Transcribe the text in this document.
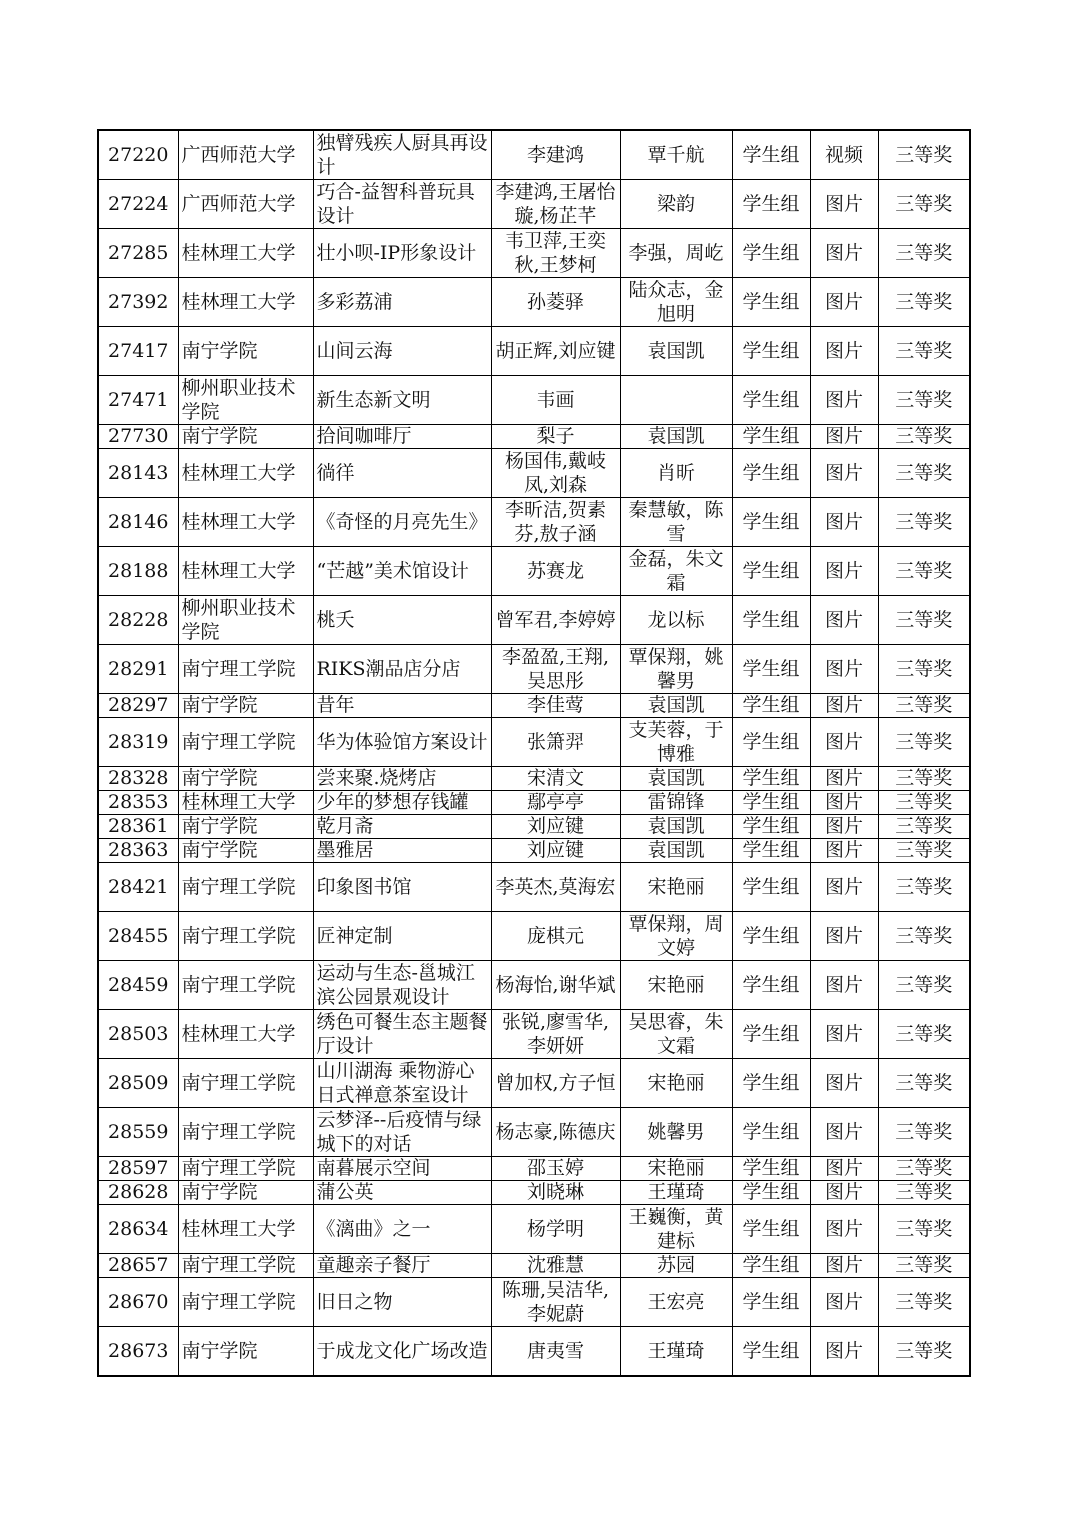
27220	广西师范大学	独臂残疾人厨具再设计	李建鸿	覃千航	学生组	视频	三等奖
27224	广西师范大学	巧合-益智科普玩具设计	李建鸿,王屠怡璇,杨芷芊	梁韵	学生组	图片	三等奖
27285	桂林理工大学	壮小呗-IP形象设计	韦卫萍,王奕秋,王梦柯	李强，周屹	学生组	图片	三等奖
27392	桂林理工大学	多彩荔浦	孙菱驿	陆众志，金旭明	学生组	图片	三等奖
27417	南宁学院	山间云海	胡正辉,刘应键	袁国凯	学生组	图片	三等奖
27471	柳州职业技术学院	新生态新文明	韦画		学生组	图片	三等奖
27730	南宁学院	拾间咖啡厅	梨子	袁国凯	学生组	图片	三等奖
28143	桂林理工大学	徜徉	杨国伟,戴岐凤,刘森	肖昕	学生组	图片	三等奖
28146	桂林理工大学	《奇怪的月亮先生》	李昕洁,贺素芬,敖子涵	秦慧敏，陈雪	学生组	图片	三等奖
28188	桂林理工大学	“芒越”美术馆设计	苏赛龙	金磊，朱文霜	学生组	图片	三等奖
28228	柳州职业技术学院	桃夭	曾军君,李婷婷	龙以标	学生组	图片	三等奖
28291	南宁理工学院	RIKS潮品店分店	李盈盈,王翔,吴思彤	覃保翔，姚馨男	学生组	图片	三等奖
28297	南宁学院	昔年	李佳莺	袁国凯	学生组	图片	三等奖
28319	南宁理工学院	华为体验馆方案设计	张箫羿	支芙蓉，于博雅	学生组	图片	三等奖
28328	南宁学院	尝来聚.烧烤店	宋清文	袁国凯	学生组	图片	三等奖
28353	桂林理工大学	少年的梦想存钱罐	鄢亭亭	雷锦锋	学生组	图片	三等奖
28361	南宁学院	乾月斋	刘应键	袁国凯	学生组	图片	三等奖
28363	南宁学院	墨雅居	刘应键	袁国凯	学生组	图片	三等奖
28421	南宁理工学院	印象图书馆	李英杰,莫海宏	宋艳丽	学生组	图片	三等奖
28455	南宁理工学院	匠神定制	庞棋元	覃保翔，周文婷	学生组	图片	三等奖
28459	南宁理工学院	运动与生态-邕城江滨公园景观设计	杨海怡,谢华斌	宋艳丽	学生组	图片	三等奖
28503	桂林理工大学	绣色可餐生态主题餐厅设计	张锐,廖雪华,李妍妍	吴思睿，朱文霜	学生组	图片	三等奖
28509	南宁理工学院	山川湖海 乘物游心日式禅意茶室设计	曾加权,方子恒	宋艳丽	学生组	图片	三等奖
28559	南宁理工学院	云梦泽--后疫情与绿城下的对话	杨志豪,陈德庆	姚馨男	学生组	图片	三等奖
28597	南宁理工学院	南暮展示空间	邵玉婷	宋艳丽	学生组	图片	三等奖
28628	南宁学院	蒲公英	刘晓琳	王瑾琦	学生组	图片	三等奖
28634	桂林理工大学	《漓曲》之一	杨学明	王巍衡，黄建标	学生组	图片	三等奖
28657	南宁理工学院	童趣亲子餐厅	沈雅慧	苏园	学生组	图片	三等奖
28670	南宁理工学院	旧日之物	陈珊,吴洁华,李妮蔚	王宏亮	学生组	图片	三等奖
28673	南宁学院	于成龙文化广场改造	唐夷雪	王瑾琦	学生组	图片	三等奖
